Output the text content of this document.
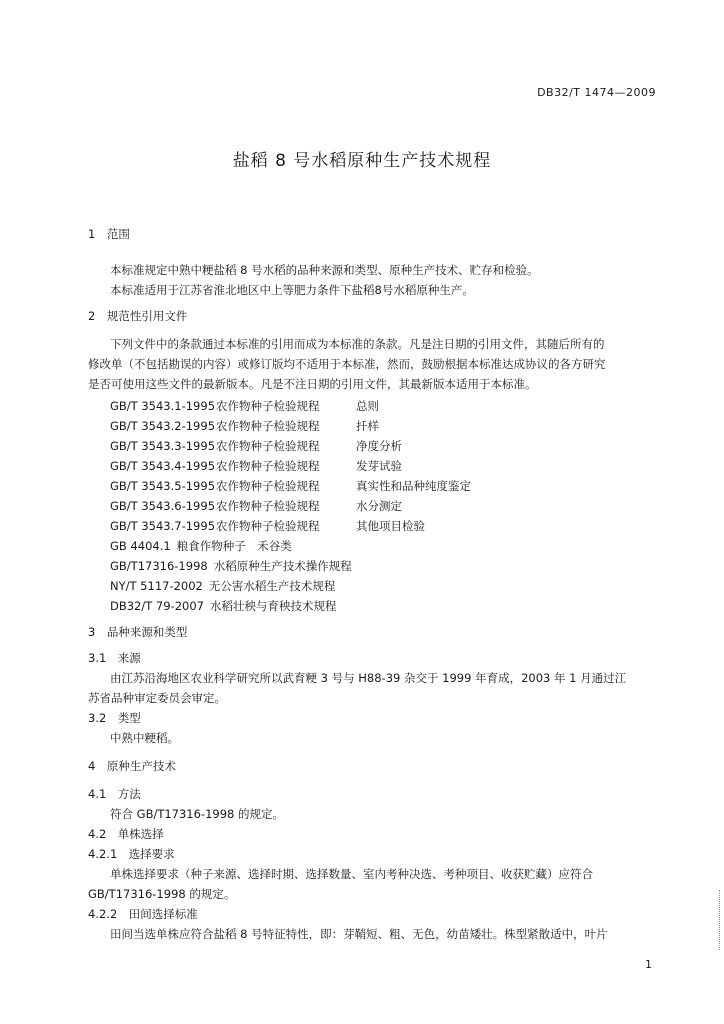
DB32/T 1474—2009
盐稻 8 号水稻原种生产技术规程
1　范围
本标准规定中熟中粳盐稻 8 号水稻的品种来源和类型、原种生产技术、贮存和检验。
本标准适用于江苏省淮北地区中上等肥力条件下盐稻8号水稻原种生产。
2　规范性引用文件
下列文件中的条款通过本标准的引用而成为本标准的条款。凡是注日期的引用文件，其随后所有的
修改单（不包括勘误的内容）或修订版均不适用于本标准，然而，鼓励根据本标准达成协议的各方研究
是否可使用这些文件的最新版本。凡是不注日期的引用文件，其最新版本适用于本标准。
GB/T 3543.1-1995农作物种子检验规程	总则
GB/T 3543.2-1995农作物种子检验规程	扦样
GB/T 3543.3-1995农作物种子检验规程	净度分析
GB/T 3543.4-1995农作物种子检验规程	发芽试验
GB/T 3543.5-1995农作物种子检验规程	真实性和品种纯度鉴定
GB/T 3543.6-1995农作物种子检验规程	水分测定
GB/T 3543.7-1995农作物种子检验规程	其他项目检验
GB 4404.1 粮食作物种子　禾谷类
GB/T17316-1998 水稻原种生产技术操作规程
NY/T 5117-2002 无公害水稻生产技术规程
DB32/T 79-2007 水稻壮秧与育秧技术规程
3　品种来源和类型
3.1　来源
由江苏沿海地区农业科学研究所以武育粳 3 号与 H88-39 杂交于 1999 年育成，2003 年 1 月通过江
苏省品种审定委员会审定。
3.2　类型
中熟中粳稻。
4　原种生产技术
4.1　方法
符合 GB/T17316-1998 的规定。
4.2　单株选择
4.2.1　选择要求
单株选择要求（种子来源、选择时期、选择数量、室内考种决选、考种项目、收获贮藏）应符合
GB/T17316-1998 的规定。
4.2.2　田间选择标准
田间当选单株应符合盐稻 8 号特征特性，即：芽鞘短、粗、无色，幼苗矮壮。株型紧散适中，叶片
1
